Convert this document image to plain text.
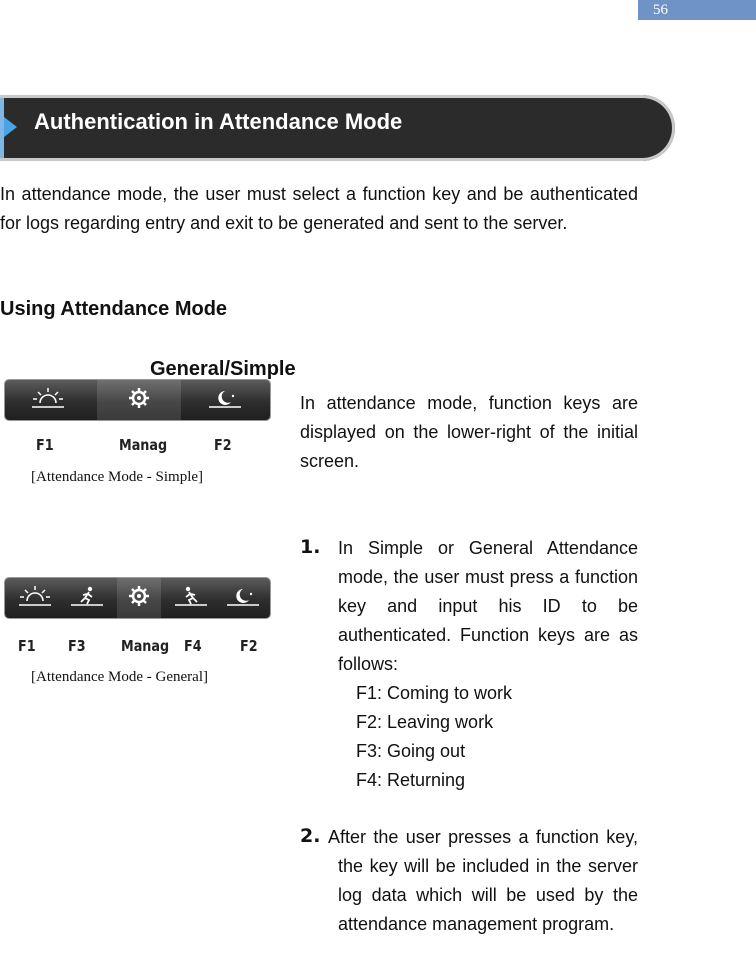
56
Authentication in Attendance Mode
In attendance mode, the user must select a function key and be authenticated for logs regarding entry and exit to be generated and sent to the server.
Using Attendance Mode
General/Simple
In attendance mode, function keys are displayed on the lower-right of the initial screen.
F1	Manag	F2
[Attendance Mode - Simple]
F1 F3 Manag F4	F2
[Attendance Mode - General]
1. In Simple or General Attendance mode, the user must press a function key and input his ID to be authenticated. Function keys are as follows:
F1: Coming to work
F2: Leaving work
F3: Going out
F4: Returning
2. After the user presses a function key, the key will be included in the server log data which will be used by the attendance management program.
